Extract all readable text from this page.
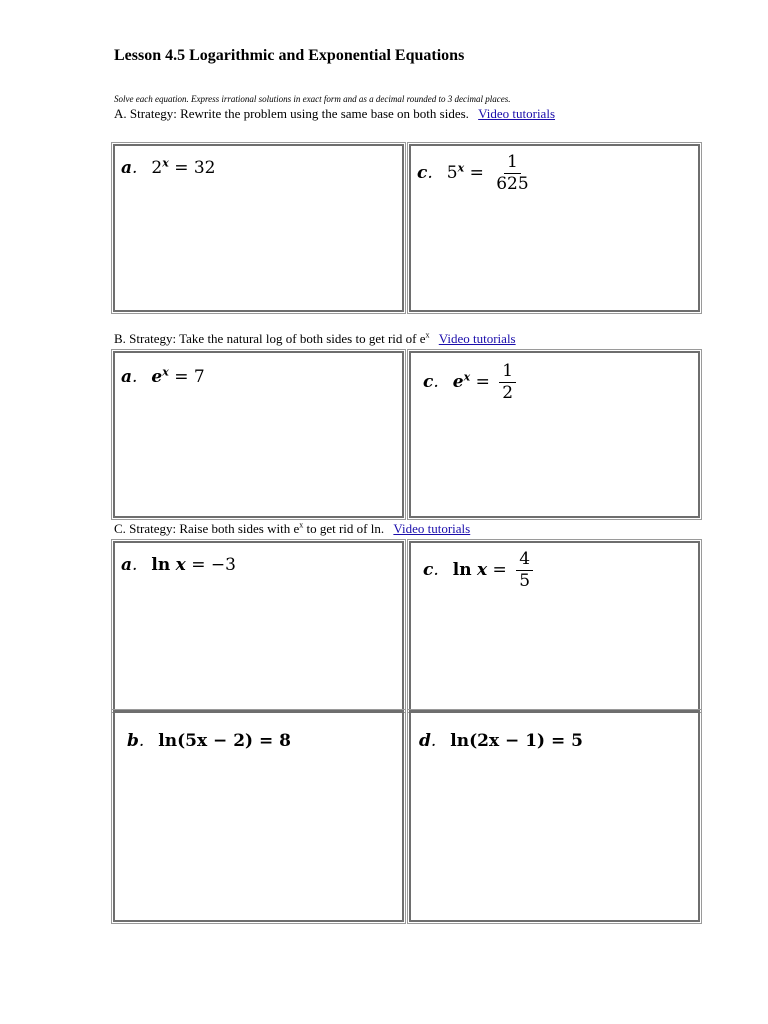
Lesson 4.5 Logarithmic and Exponential Equations
Solve each equation. Express irrational solutions in exact form and as a decimal rounded to 3 decimal places.
A. Strategy: Rewrite the problem using the same base on both sides. Video tutorials
a . $2^x = 32$	c . $5^x = \frac{1}{625}$
B. Strategy: Take the natural log of both sides to get rid of $e^x$ Video tutorials
a . $e^x = 7$	c . $e^x = \frac{1}{2}$
C. Strategy: Raise both sides with $e^x$ to get rid of ln. Video tutorials
a . ln x = −3	c . $\ln x = \frac{4}{5}$
b . ln(5x − 2) = 8	d . ln(2x − 1) = 5
